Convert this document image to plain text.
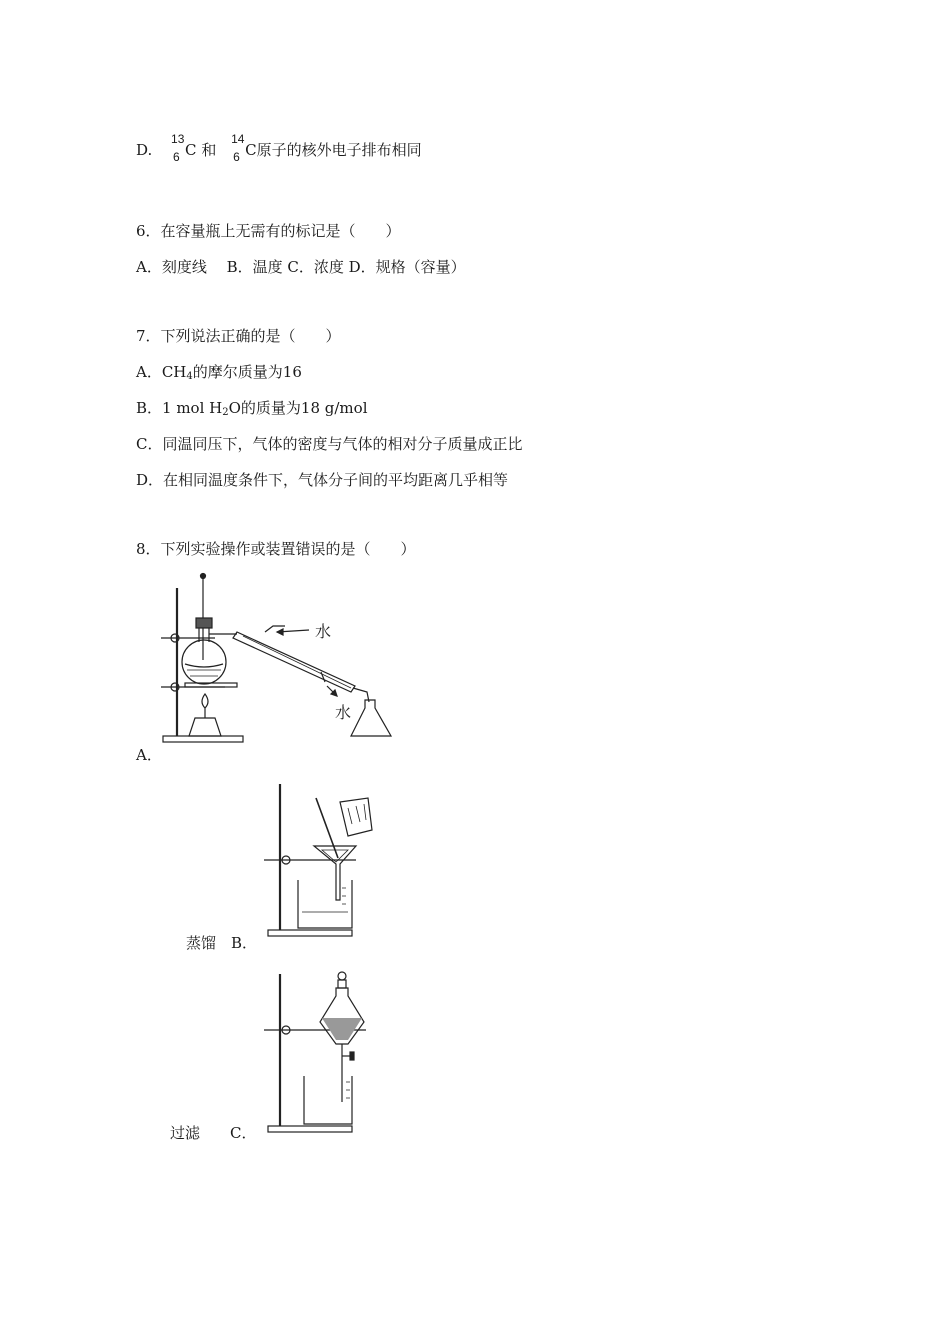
D.
13
6 C 和
14
6 C原子的核外电子排布相同
6．在容量瓶上无需有的标记是（　　）
A．刻度线　 B．温度 C．浓度 D．规格（容量）
7．下列说法正确的是（　　）
A．$CH_4$的摩尔质量为16
B．1 mol $H_2O$的质量为18 g/mol
C．同温同压下，气体的密度与气体的相对分子质量成正比
D．在相同温度条件下，气体分子间的平均距离几乎相等
8．下列实验操作或装置错误的是（　　）
水
水
A．
蒸馏　B．
过滤　　C．
